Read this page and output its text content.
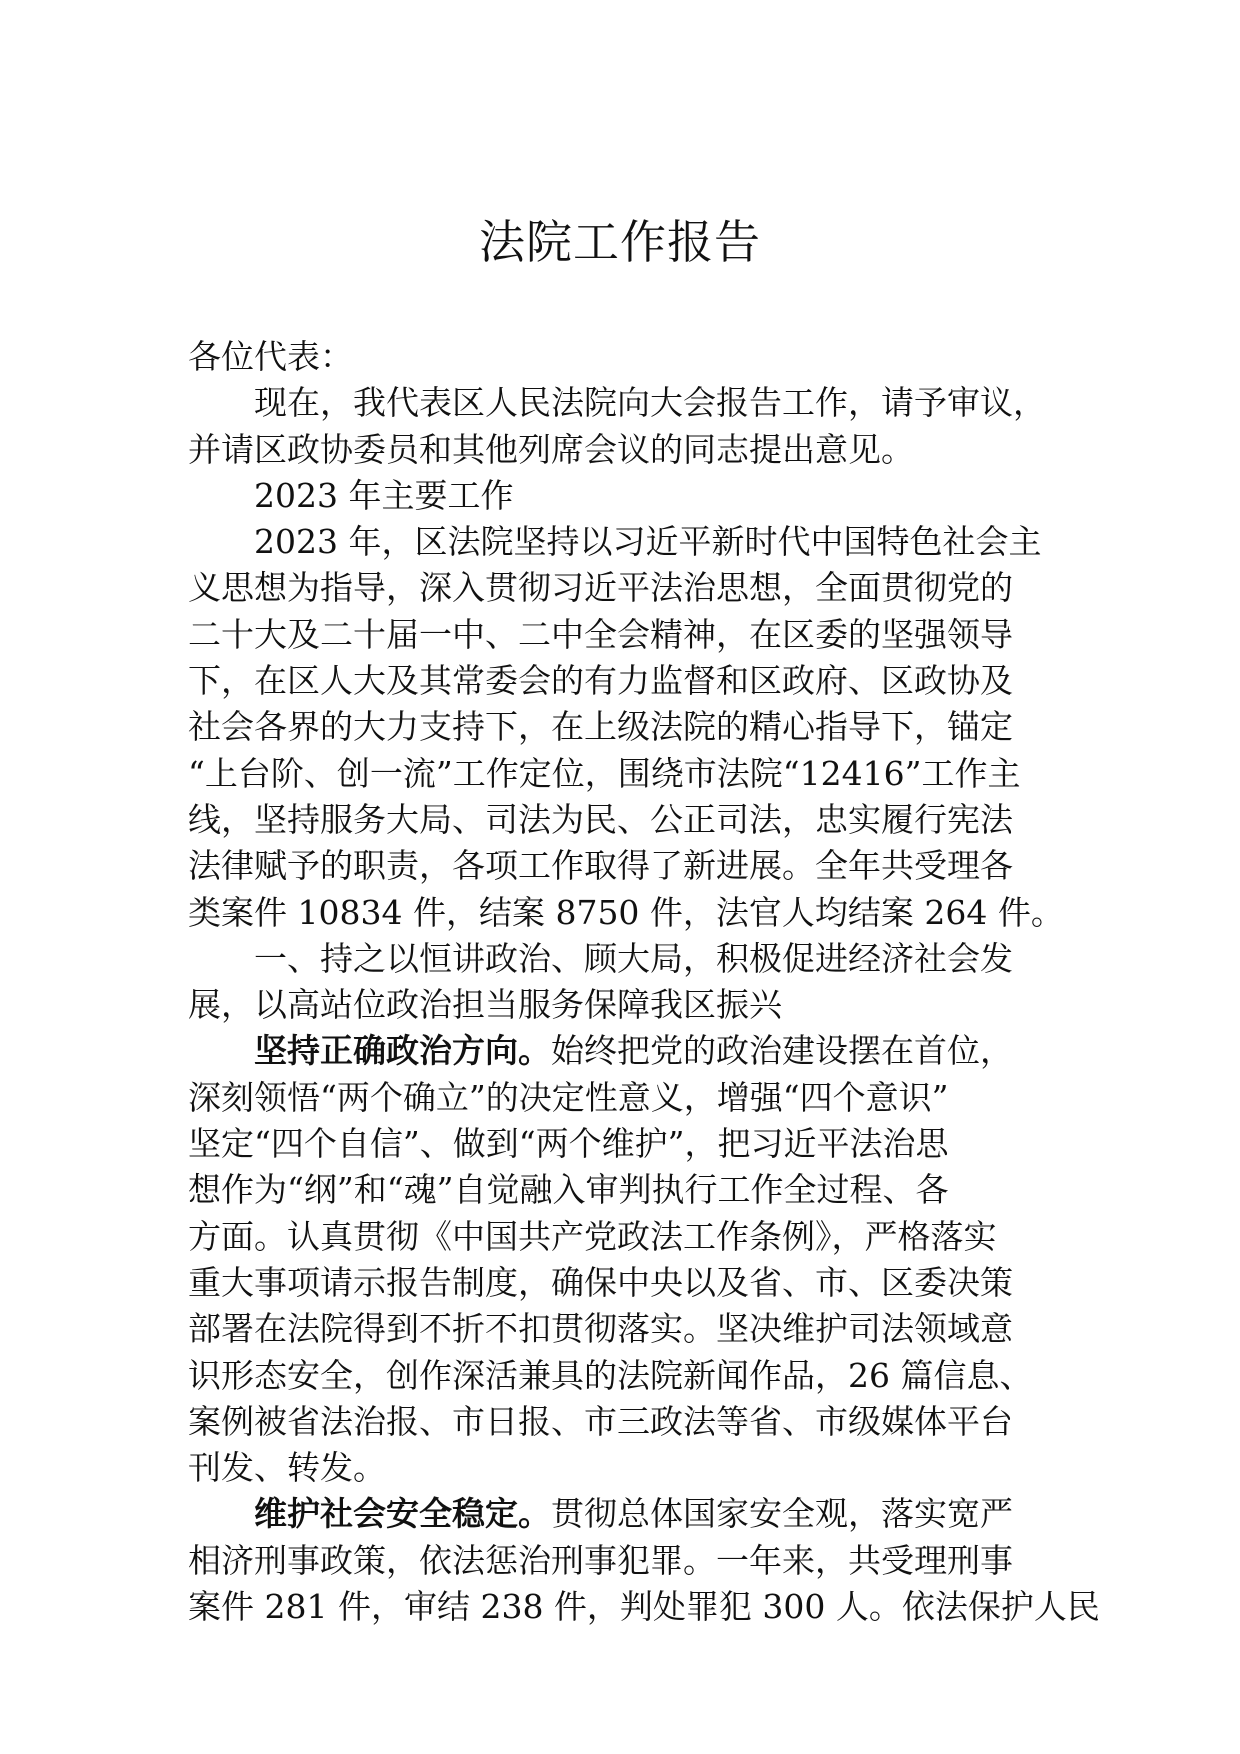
法院工作报告
各位代表：
现在，我代表区人民法院向大会报告工作，请予审议，
并请区政协委员和其他列席会议的同志提出意见。
2023 年主要工作
2023 年，区法院坚持以习近平新时代中国特色社会主
义思想为指导，深入贯彻习近平法治思想，全面贯彻党的
二十大及二十届一中、二中全会精神，在区委的坚强领导
下，在区人大及其常委会的有力监督和区政府、区政协及
社会各界的大力支持下，在上级法院的精心指导下，锚定
“上台阶、创一流”工作定位，围绕市法院“12416”工作主
线，坚持服务大局、司法为民、公正司法，忠实履行宪法
法律赋予的职责，各项工作取得了新进展。全年共受理各
类案件 10834 件，结案 8750 件，法官人均结案 264 件。
一、持之以恒讲政治、顾大局，积极促进经济社会发
展，以高站位政治担当服务保障我区振兴
坚持正确政治方向。始终把党的政治建设摆在首位，
深刻领悟“两个确立”的决定性意义，增强“四个意识”
坚定“四个自信”、做到“两个维护”，把习近平法治思
想作为“纲”和“魂”自觉融入审判执行工作全过程、各
方面。认真贯彻《中国共产党政法工作条例》，严格落实
重大事项请示报告制度，确保中央以及省、市、区委决策
部署在法院得到不折不扣贯彻落实。坚决维护司法领域意
识形态安全，创作深活兼具的法院新闻作品，26 篇信息、
案例被省法治报、市日报、市三政法等省、市级媒体平台
刊发、转发。
维护社会安全稳定。贯彻总体国家安全观，落实宽严
相济刑事政策，依法惩治刑事犯罪。一年来，共受理刑事
案件 281 件，审结 238 件，判处罪犯 300 人。依法保护人民
